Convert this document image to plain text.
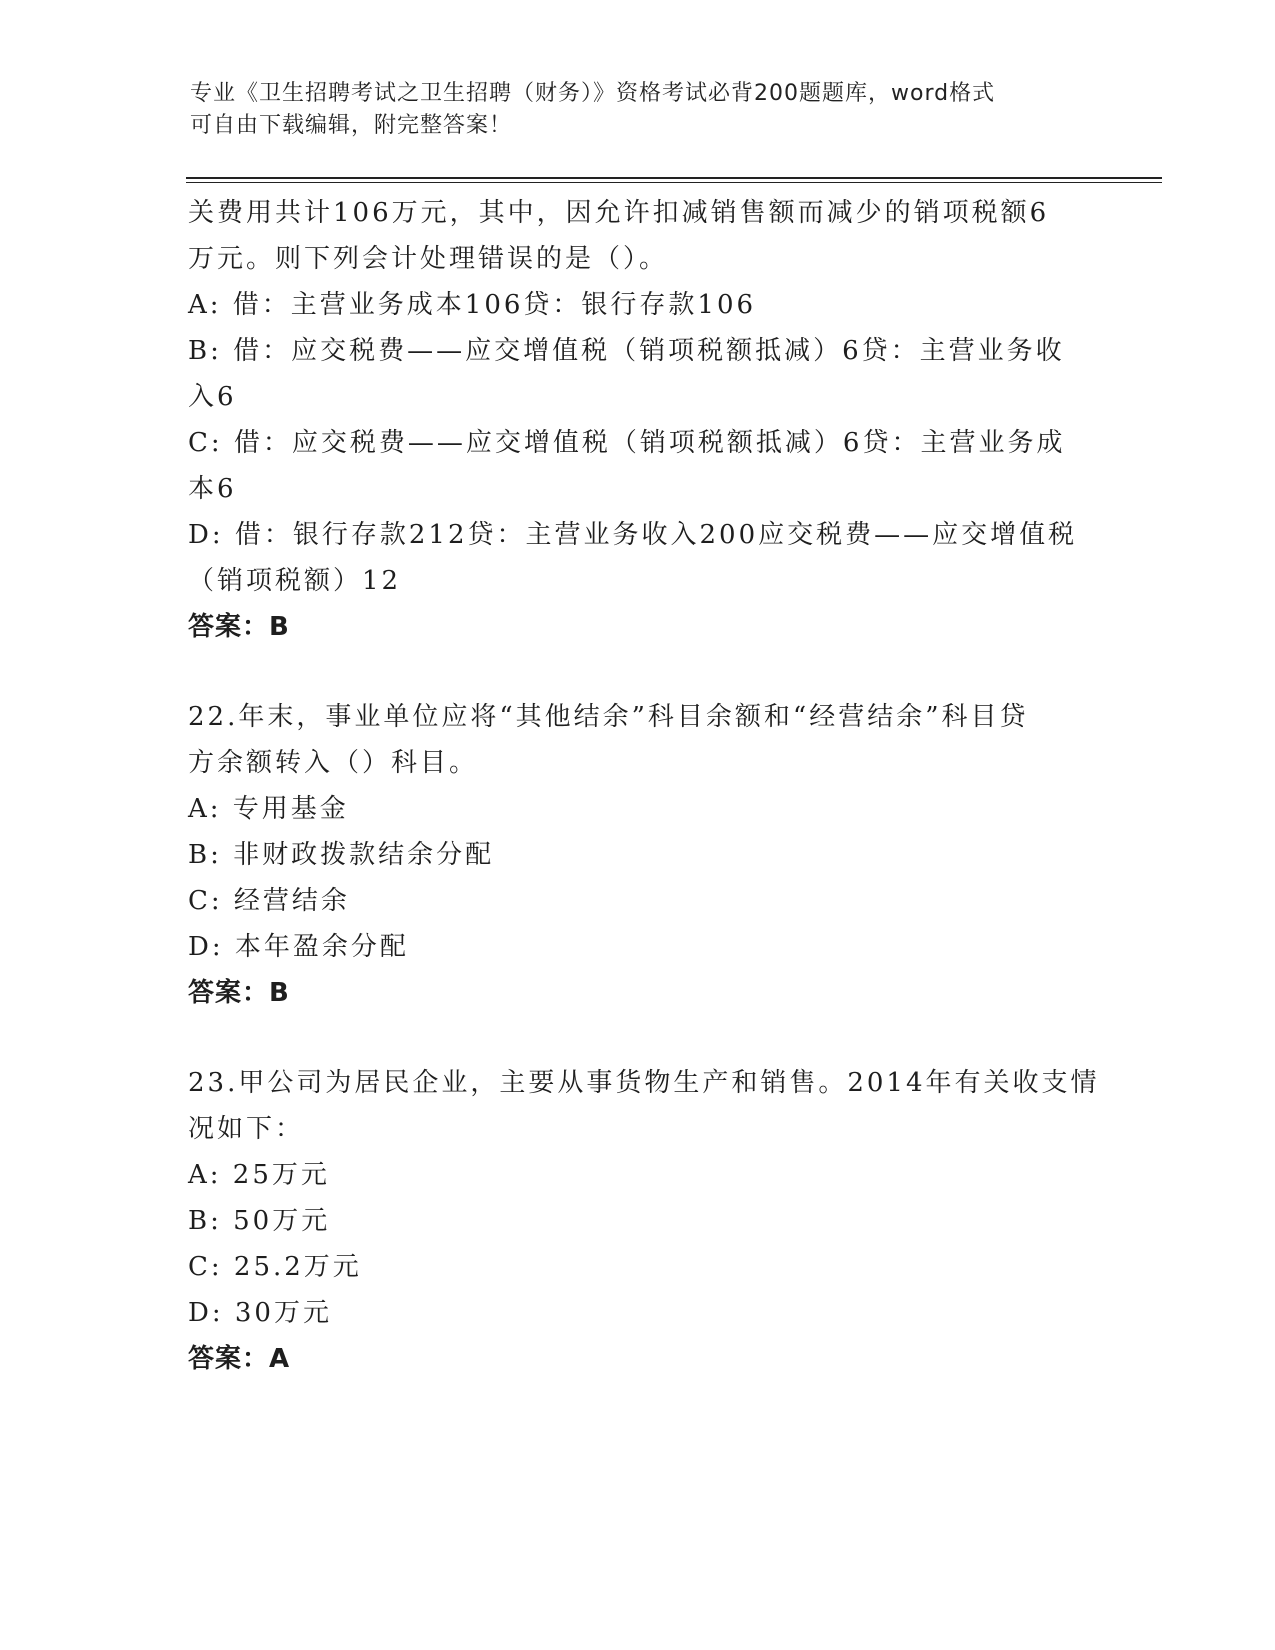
专业《卫生招聘考试之卫生招聘（财务）》资格考试必背200题题库，word格式
可自由下载编辑，附完整答案！
关费用共计106万元，其中，因允许扣减销售额而减少的销项税额6
万元。则下列会计处理错误的是（）。
A: 借：主营业务成本106贷：银行存款106
B: 借：应交税费——应交增值税（销项税额抵减）6贷：主营业务收
入6
C: 借：应交税费——应交增值税（销项税额抵减）6贷：主营业务成
本6
D: 借：银行存款212贷：主营业务收入200应交税费——应交增值税
（销项税额）12
答案：B
22.年末，事业单位应将“其他结余”科目余额和“经营结余”科目贷
方余额转入（）科目。
A: 专用基金
B: 非财政拨款结余分配
C: 经营结余
D: 本年盈余分配
答案：B
23.甲公司为居民企业，主要从事货物生产和销售。2014年有关收支情
况如下：
A: 25万元
B: 50万元
C: 25.2万元
D: 30万元
答案：A
